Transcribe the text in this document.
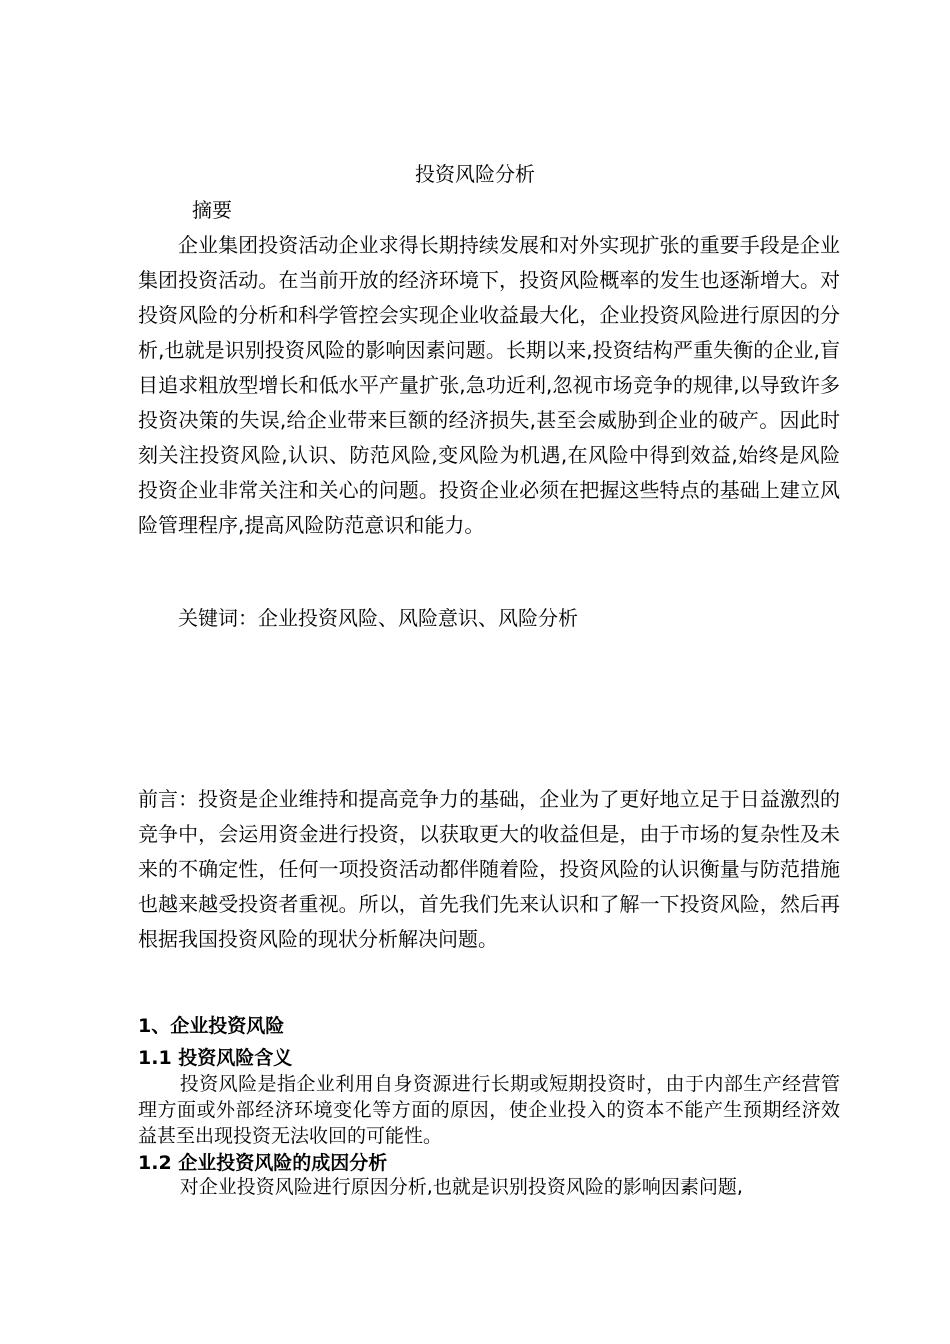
投资风险分析
摘要

企业集团投资活动企业求得长期持续发展和对外实现扩张的重要手段是企业集团投资活动。在当前开放的经济环境下，投资风险概率的发生也逐渐增大。对投资风险的分析和科学管控会实现企业收益最大化，企业投资风险进行原因的分析,也就是识别投资风险的影响因素问题。长期以来,投资结构严重失衡的企业,盲目追求粗放型增长和低水平产量扩张,急功近利,忽视市场竞争的规律,以导致许多投资决策的失误,给企业带来巨额的经济损失,甚至会威胁到企业的破产。因此时刻关注投资风险,认识、防范风险,变风险为机遇,在风险中得到效益,始终是风险投资企业非常关注和关心的问题。投资企业必须在把握这些特点的基础上建立风险管理程序,提高风险防范意识和能力。

关键词：企业投资风险、风险意识、风险分析

前言：投资是企业维持和提高竞争力的基础，企业为了更好地立足于日益激烈的竞争中，会运用资金进行投资，以获取更大的收益但是，由于市场的复杂性及未来的不确定性，任何一项投资活动都伴随着险，投资风险的认识衡量与防范措施也越来越受投资者重视。所以，首先我们先来认识和了解一下投资风险，然后再根据我国投资风险的现状分析解决问题。

1、企业投资风险
1.1 投资风险含义

投资风险是指企业利用自身资源进行长期或短期投资时，由于内部生产经营管理方面或外部经济环境变化等方面的原因，使企业投入的资本不能产生预期经济效益甚至出现投资无法收回的可能性。

1.2 企业投资风险的成因分析

对企业投资风险进行原因分析,也就是识别投资风险的影响因素问题,
